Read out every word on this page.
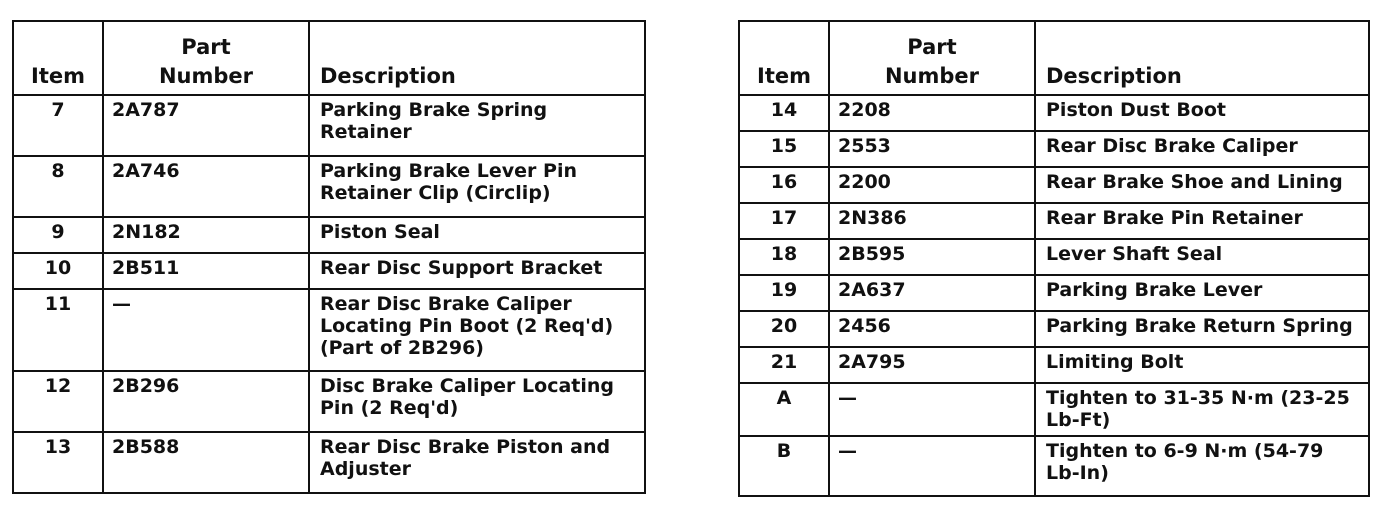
Item	Part
Number	Description
7	2A787	Parking Brake Spring
Retainer

8	2A746	Parking Brake Lever Pin
Retainer Clip (Circlip)

9	2N182	Piston Seal

10	2B511	Rear Disc Support Bracket

11	—	Rear Disc Brake Caliper
Locating Pin Boot (2 Req'd)
(Part of 2B296)

12	2B296	Disc Brake Caliper Locating
Pin (2 Req'd)

13	2B588	Rear Disc Brake Piston and
Adjuster
Item	Part
Number	Description
14	2208	Piston Dust Boot

15	2553	Rear Disc Brake Caliper

16	2200	Rear Brake Shoe and Lining

17	2N386	Rear Brake Pin Retainer

18	2B595	Lever Shaft Seal

19	2A637	Parking Brake Lever

20	2456	Parking Brake Return Spring

21	2A795	Limiting Bolt

A	—	Tighten to 31-35 N·m (23-25
Lb-Ft)

B	—	Tighten to 6-9 N·m (54-79
Lb-In)
